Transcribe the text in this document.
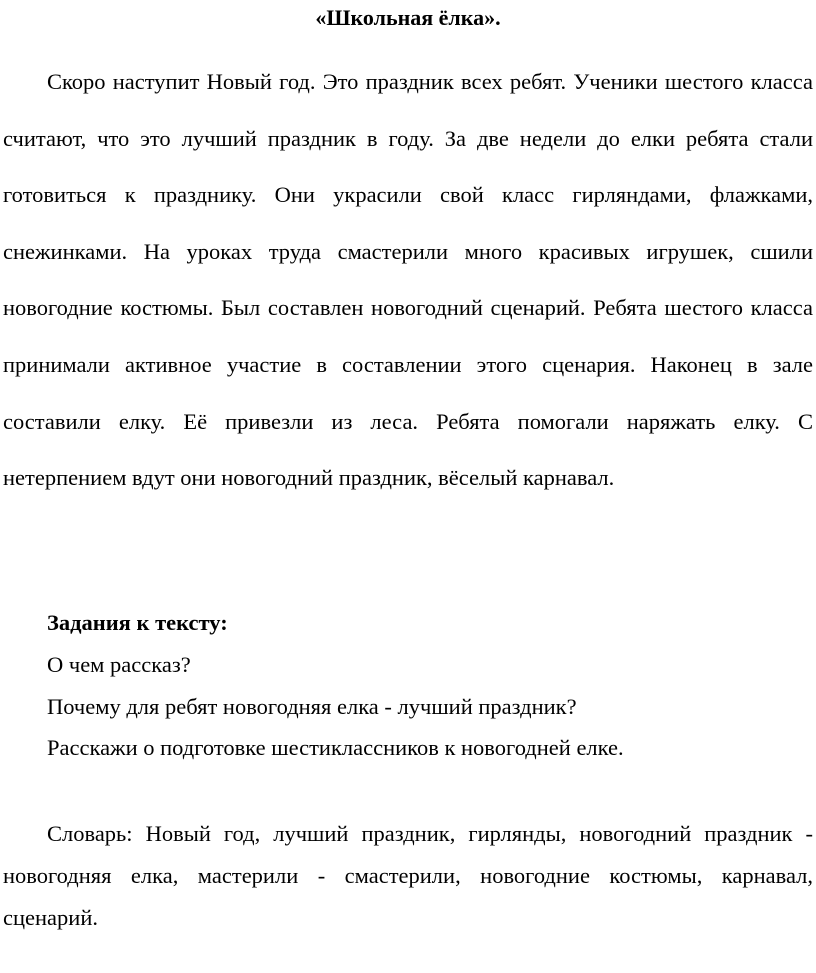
«Школьная ёлка».

Скоро наступит Новый год. Это праздник всех ребят. Ученики шестого класса считают, что это лучший праздник в году. За две недели до елки ребята стали готовиться к празднику. Они украсили свой класс гирляндами, флажками, снежинками. На уроках труда смастерили много красивых игрушек, сшили новогодние костюмы. Был составлен новогодний сценарий. Ребята шестого класса принимали активное участие в составлении этого сценария. Наконец в зале составили елку. Её привезли из леса. Ребята помогали наряжать елку. С нетерпением вдут они новогодний праздник, вёселый карнавал.

Задания к тексту:

О чем рассказ?

Почему для ребят новогодняя елка - лучший праздник?

Расскажи о подготовке шестиклассников к новогодней елке.

Словарь: Новый год, лучший праздник, гирлянды, новогодний праздник - новогодняя елка, мастерили - смастерили, новогодние костюмы, карнавал, сценарий.
